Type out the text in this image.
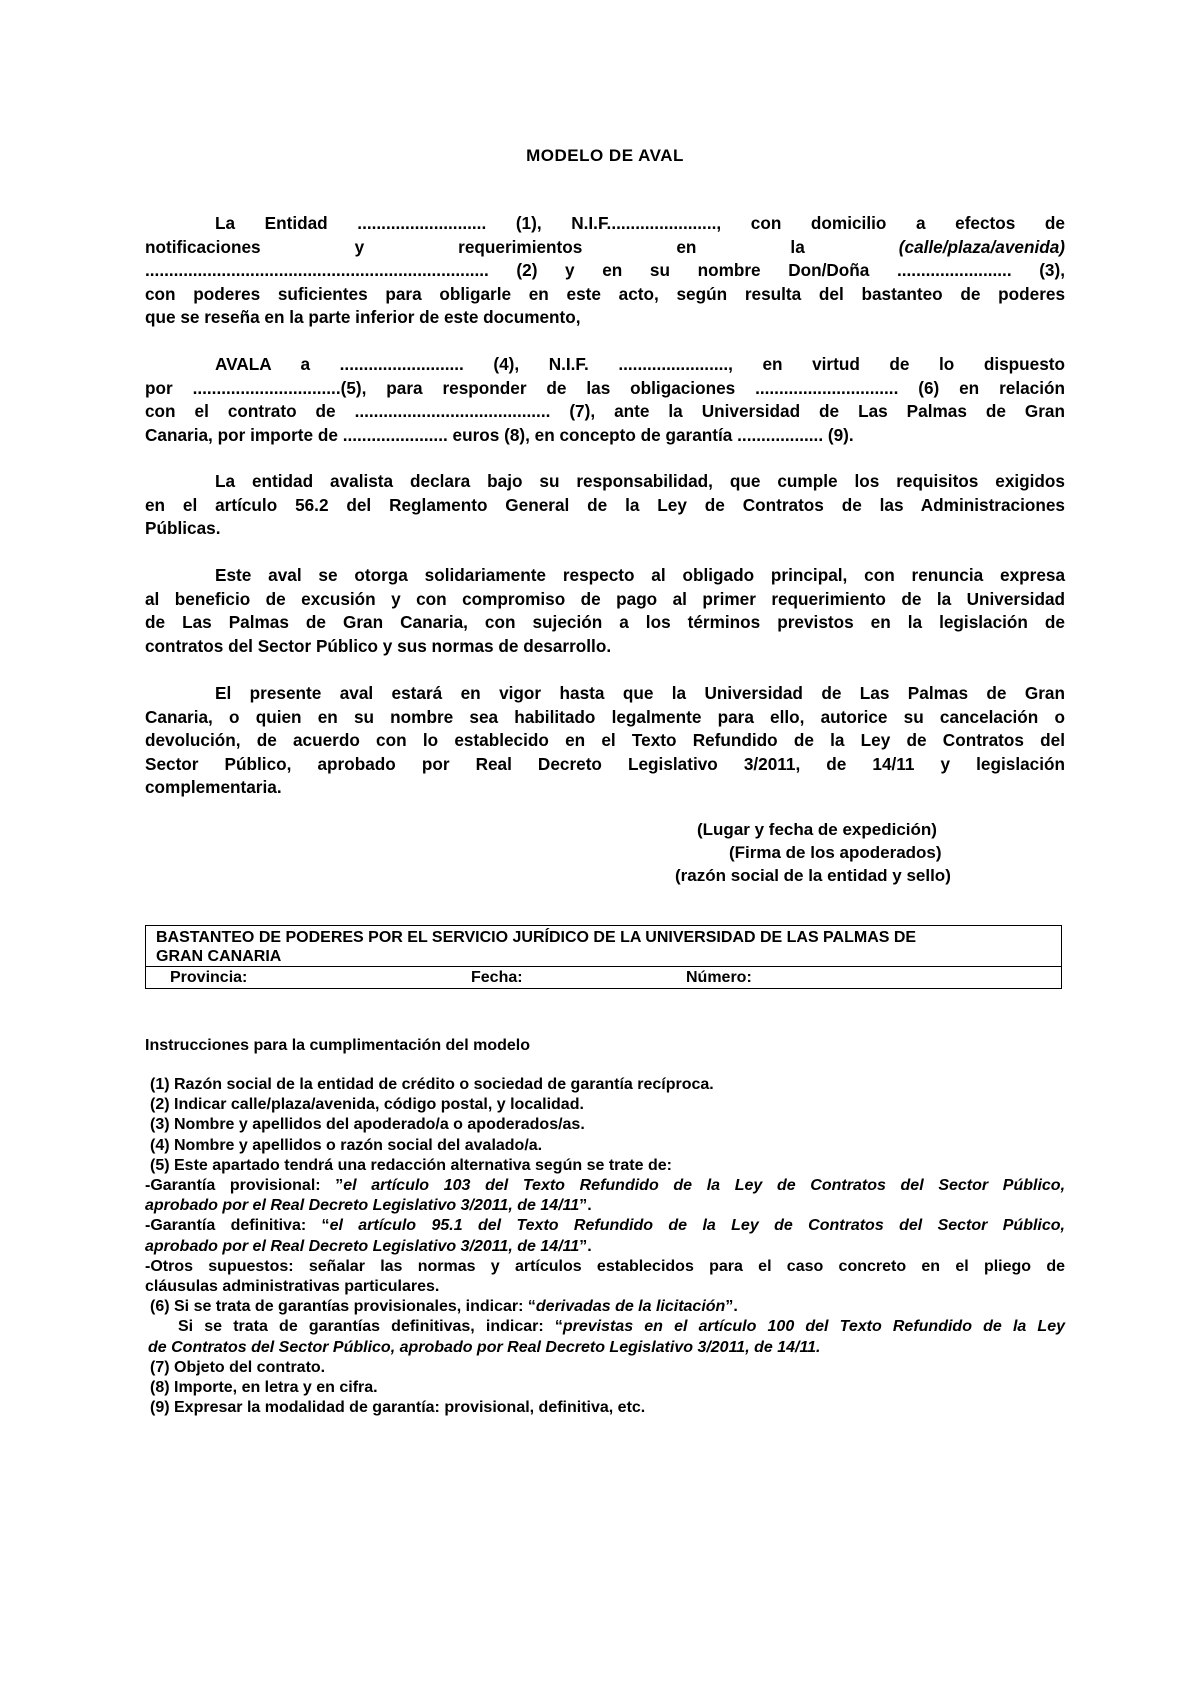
MODELO DE AVAL
La Entidad ........................... (1), N.I.F......................., con domicilio a efectos de
notificaciones y requerimientos en la (calle/plaza/avenida)
........................................................................ (2) y en su nombre Don/Doña ........................ (3),
con poderes suficientes para obligarle en este acto, según resulta del bastanteo de poderes
que se reseña en la parte inferior de este documento,
AVALA a .......................... (4), N.I.F. ......................., en virtud de lo dispuesto
por ...............................(5), para responder de las obligaciones .............................. (6) en relación
con el contrato de ......................................... (7), ante la Universidad de Las Palmas de Gran
Canaria, por importe de ...................... euros (8), en concepto de garantía .................. (9).
La entidad avalista declara bajo su responsabilidad, que cumple los requisitos exigidos
en el artículo 56.2 del Reglamento General de la Ley de Contratos de las Administraciones
Públicas.
Este aval se otorga solidariamente respecto al obligado principal, con renuncia expresa
al beneficio de excusión y con compromiso de pago al primer requerimiento de la Universidad
de Las Palmas de Gran Canaria, con sujeción a los términos previstos en la legislación de
contratos del Sector Público y sus normas de desarrollo.
El presente aval estará en vigor hasta que la Universidad de Las Palmas de Gran
Canaria, o quien en su nombre sea habilitado legalmente para ello, autorice su cancelación o
devolución, de acuerdo con lo establecido en el Texto Refundido de la Ley de Contratos del
Sector Público, aprobado por Real Decreto Legislativo 3/2011, de 14/11 y legislación
complementaria.
(Lugar y fecha de expedición)
(Firma de los apoderados)
(razón social de la entidad y sello)
BASTANTEO DE PODERES POR EL SERVICIO JURÍDICO DE LA UNIVERSIDAD DE LAS PALMAS DE
GRAN CANARIA
Provincia:	Fecha:	Número:
Instrucciones para la cumplimentación del modelo
(1) Razón social de la entidad de crédito o sociedad de garantía recíproca.
(2) Indicar calle/plaza/avenida, código postal, y localidad.
(3) Nombre y apellidos del apoderado/a o apoderados/as.
(4) Nombre y apellidos o razón social del avalado/a.
(5) Este apartado tendrá una redacción alternativa según se trate de:
-Garantía provisional: ”el artículo 103 del Texto Refundido de la Ley de Contratos del Sector Público,
aprobado por el Real Decreto Legislativo 3/2011, de 14/11”.
-Garantía definitiva: “el artículo 95.1 del Texto Refundido de la Ley de Contratos del Sector Público,
aprobado por el Real Decreto Legislativo 3/2011, de 14/11”.
-Otros supuestos: señalar las normas y artículos establecidos para el caso concreto en el pliego de
cláusulas administrativas particulares.
(6) Si se trata de garantías provisionales, indicar: “derivadas de la licitación”.
Si se trata de garantías definitivas, indicar: “previstas en el artículo 100 del Texto Refundido de la Ley
de Contratos del Sector Público, aprobado por Real Decreto Legislativo 3/2011, de 14/11.
(7) Objeto del contrato.
(8) Importe, en letra y en cifra.
(9) Expresar la modalidad de garantía: provisional, definitiva, etc.
